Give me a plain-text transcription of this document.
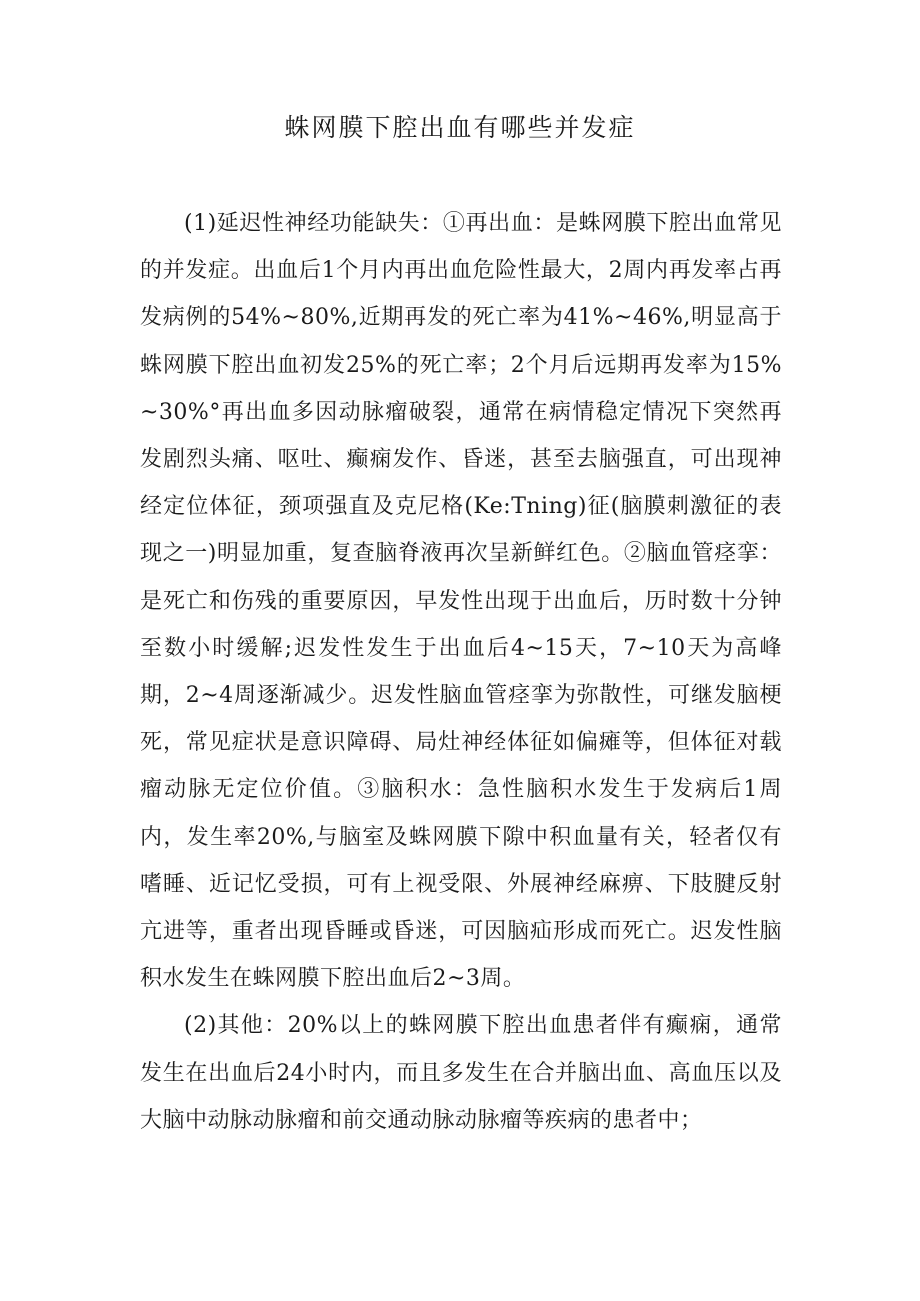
蛛网膜下腔出血有哪些并发症

(1)延迟性神经功能缺失：①再出血：是蛛网膜下腔出血常见的并发症。出血后1个月内再出血危险性最大，2周内再发率占再发病例的54%~80%,近期再发的死亡率为41%~46%,明显高于蛛网膜下腔出血初发25%的死亡率；2个月后远期再发率为15%~30%°再出血多因动脉瘤破裂，通常在病情稳定情况下突然再发剧烈头痛、呕吐、癫痫发作、昏迷，甚至去脑强直，可出现神经定位体征，颈项强直及克尼格(Ke:Tning)征(脑膜刺激征的表现之一)明显加重，复查脑脊液再次呈新鲜红色。②脑血管痉挛：是死亡和伤残的重要原因，早发性出现于出血后，历时数十分钟至数小时缓解;迟发性发生于出血后4~15天，7~10天为高峰期，2~4周逐渐减少。迟发性脑血管痉挛为弥散性，可继发脑梗死，常见症状是意识障碍、局灶神经体征如偏瘫等，但体征对载瘤动脉无定位价值。③脑积水：急性脑积水发生于发病后1周内，发生率20%,与脑室及蛛网膜下隙中积血量有关，轻者仅有嗜睡、近记忆受损，可有上视受限、外展神经麻痹、下肢腱反射亢进等，重者出现昏睡或昏迷，可因脑疝形成而死亡。迟发性脑积水发生在蛛网膜下腔出血后2~3周。

(2)其他：20%以上的蛛网膜下腔出血患者伴有癫痫，通常发生在出血后24小时内，而且多发生在合并脑出血、高血压以及大脑中动脉动脉瘤和前交通动脉动脉瘤等疾病的患者中；
